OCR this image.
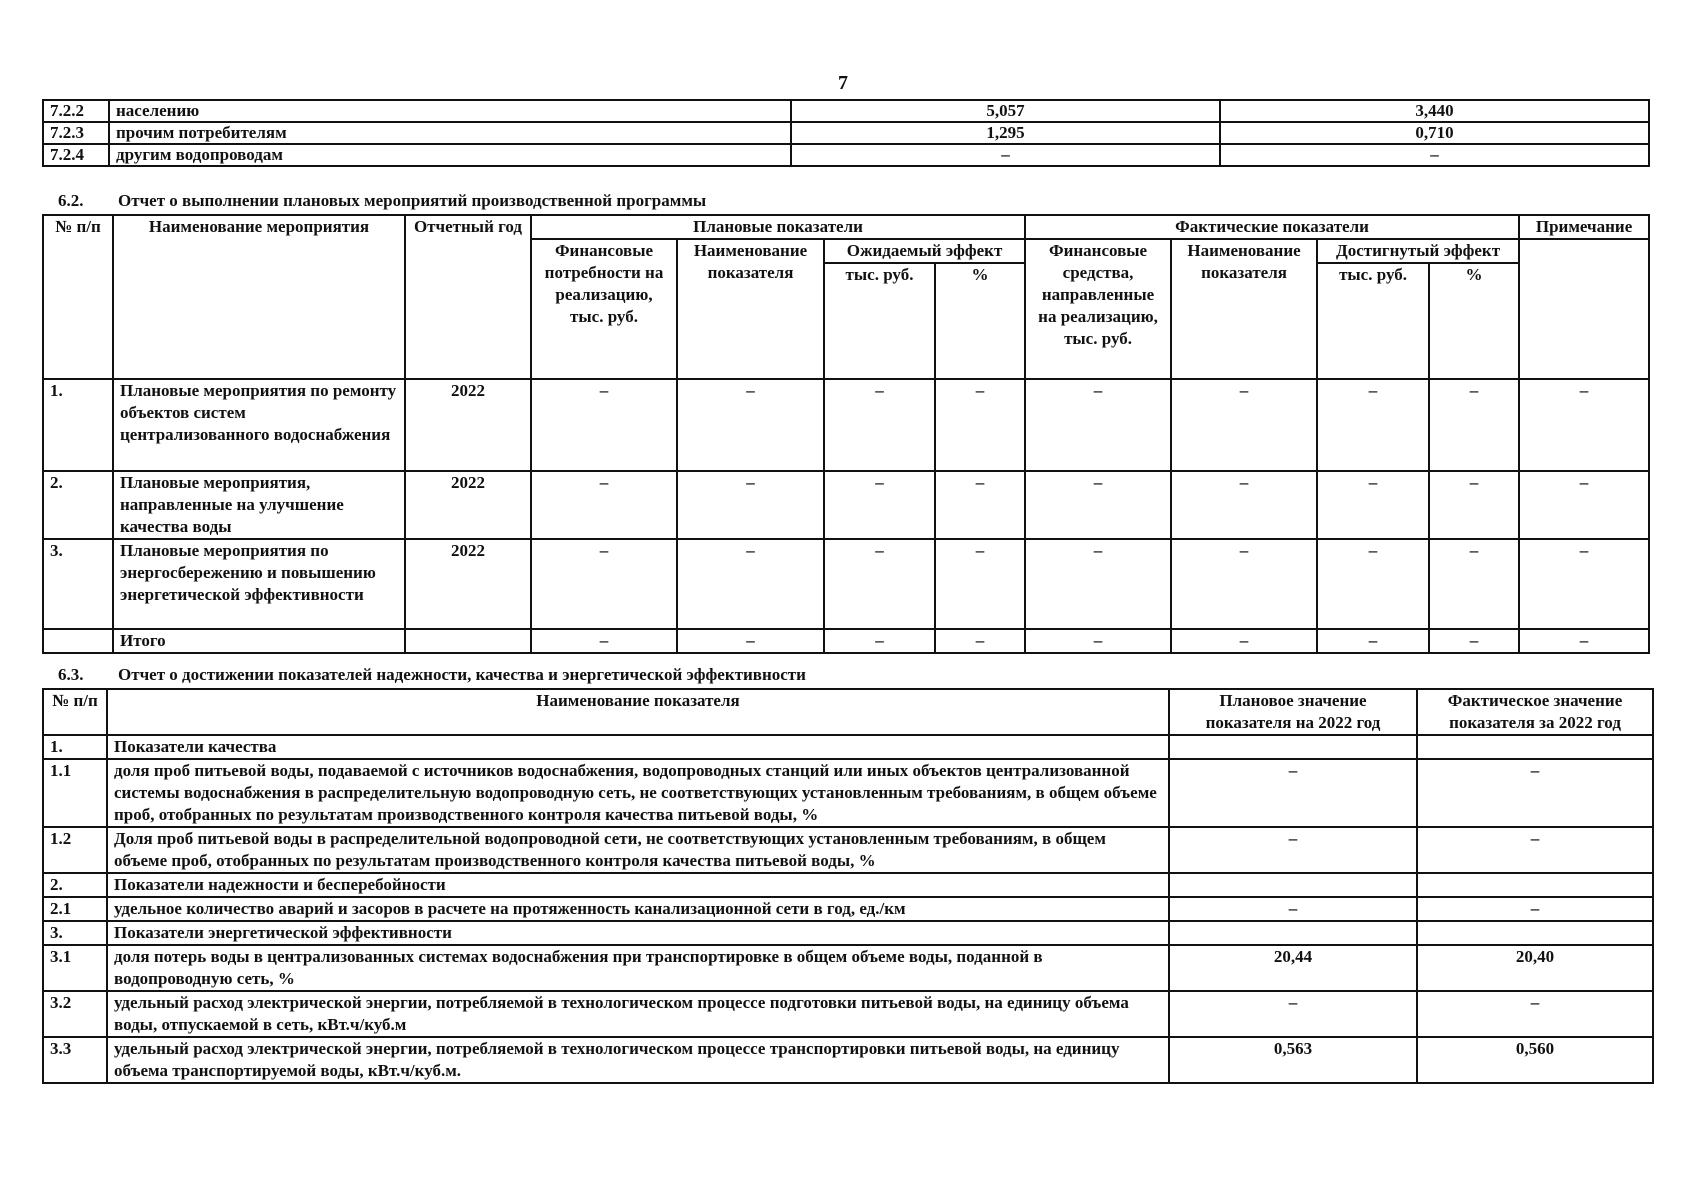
7
7.2.2	населению	5,057	3,440
7.2.3	прочим потребителям	1,295	0,710
7.2.4	другим водопроводам	–	–
6.2. Отчет о выполнении плановых мероприятий производственной программы
№ п/п	Наименование мероприятия	Отчетный год	Плановые показатели				Фактические показатели				Примечание
			Финансовые потребности на реализацию, тыс. руб.	Наименование показателя	Ожидаемый эффект		Финансовые средства, направленные на реализацию, тыс. руб.	Наименование показателя	Достигнутый эффект		
					тыс. руб.	%			тыс. руб.	%	
1.	Плановые мероприятия по ремонту объектов систем централизованного водоснабжения	2022	–	–	–	–	–	–	–	–	–
2.	Плановые мероприятия, направленные на улучшение качества воды	2022	–	–	–	–	–	–	–	–	–
3.	Плановые мероприятия по энергосбережению и повышению энергетической эффективности	2022	–	–	–	–	–	–	–	–	–
	Итого		–	–	–	–	–	–	–	–	–
6.3. Отчет о достижении показателей надежности, качества и энергетической эффективности
№ п/п	Наименование показателя	Плановое значение показателя на 2022 год	Фактическое значение показателя за 2022 год
1.	Показатели качества		
1.1	доля проб питьевой воды, подаваемой с источников водоснабжения, водопроводных станций или иных объектов централизованной системы водоснабжения в распределительную водопроводную сеть, не соответствующих установленным требованиям, в общем объеме проб, отобранных по результатам производственного контроля качества питьевой воды, %	–	–
1.2	Доля проб питьевой воды в распределительной водопроводной сети, не соответствующих установленным требованиям, в общем объеме проб, отобранных по результатам производственного контроля качества питьевой воды, %	–	–
2.	Показатели надежности и бесперебойности		
2.1	удельное количество аварий и засоров в расчете на протяженность канализационной сети в год, ед./км	–	–
3.	Показатели энергетической эффективности		
3.1	доля потерь воды в централизованных системах водоснабжения при транспортировке в общем объеме воды, поданной в водопроводную сеть, %	20,44	20,40
3.2	удельный расход электрической энергии, потребляемой в технологическом процессе подготовки питьевой воды, на единицу объема воды, отпускаемой в сеть, кВт.ч/куб.м	–	–
3.3	удельный расход электрической энергии, потребляемой в технологическом процессе транспортировки питьевой воды, на единицу объема транспортируемой воды, кВт.ч/куб.м.	0,563	0,560
